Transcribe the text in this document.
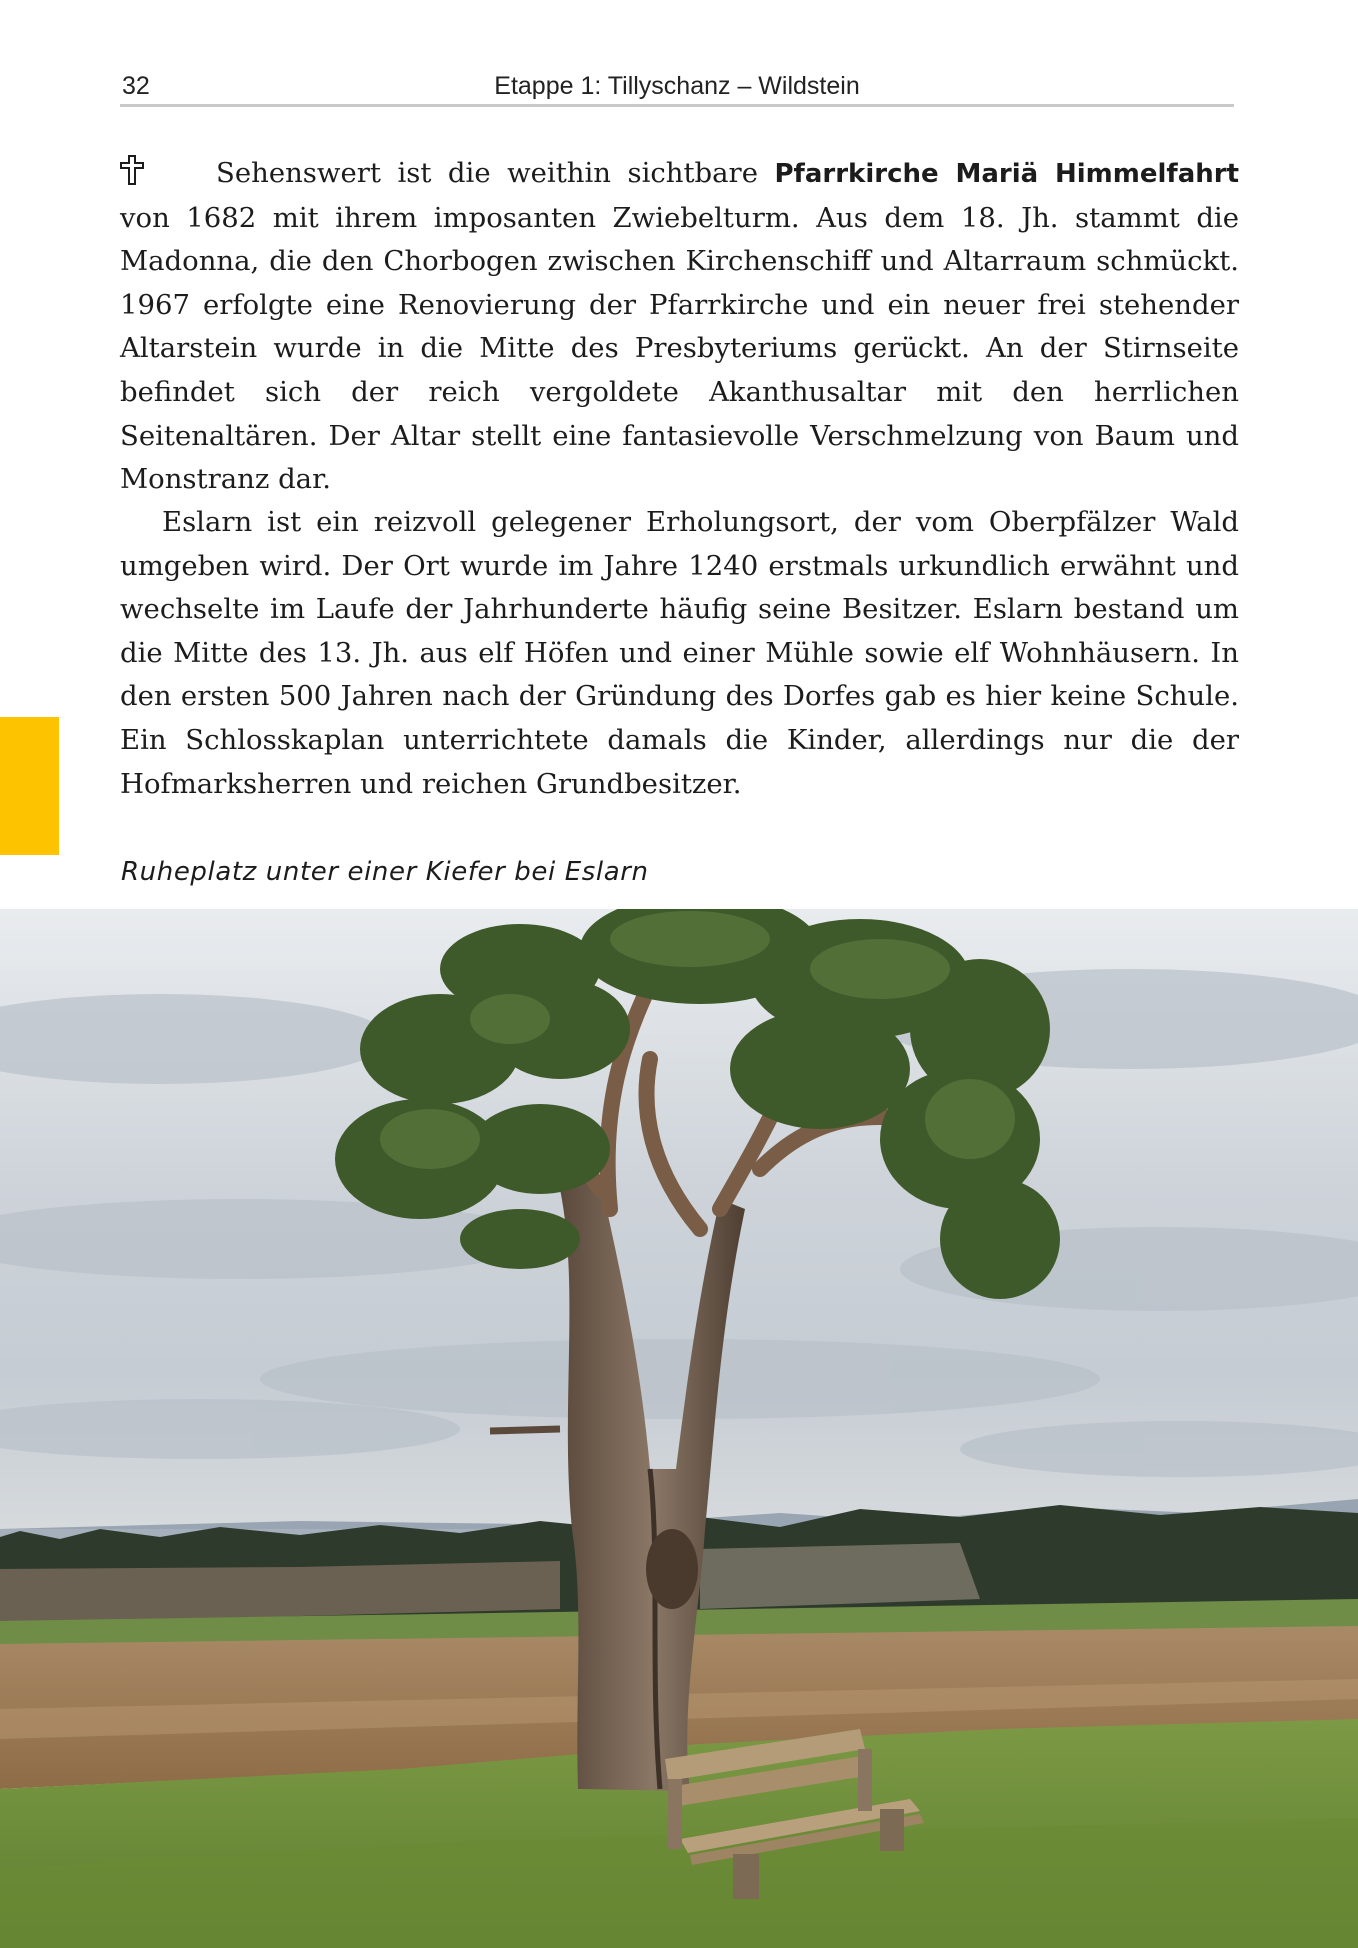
32	Etappe 1: Tillyschanz – Wildstein

Sehenswert ist die weithin sichtbare Pfarrkirche Mariä Himmelfahrt von 1682 mit ihrem imposanten Zwiebelturm. Aus dem 18. Jh. stammt die Madonna, die den Chorbogen zwischen Kirchenschiff und Altarraum schmückt. 1967 erfolgte eine Renovierung der Pfarrkirche und ein neuer frei stehender Altarstein wurde in die Mitte des Presbyteriums gerückt. An der Stirnseite befindet sich der reich vergoldete Akanthusaltar mit den herrlichen Seitenaltären. Der Altar stellt eine fantasievolle Verschmelzung von Baum und Monstranz dar.

Eslarn ist ein reizvoll gelegener Erholungsort, der vom Oberpfälzer Wald umgeben wird. Der Ort wurde im Jahre 1240 erstmals urkundlich erwähnt und wechselte im Laufe der Jahrhunderte häufig seine Besitzer. Eslarn bestand um die Mitte des 13. Jh. aus elf Höfen und einer Mühle sowie elf Wohnhäusern. In den ersten 500 Jahren nach der Gründung des Dorfes gab es hier keine Schule. Ein Schlosskaplan unterrichtete damals die Kinder, allerdings nur die der Hofmarksherren und reichen Grundbesitzer.

Ruheplatz unter einer Kiefer bei Eslarn
